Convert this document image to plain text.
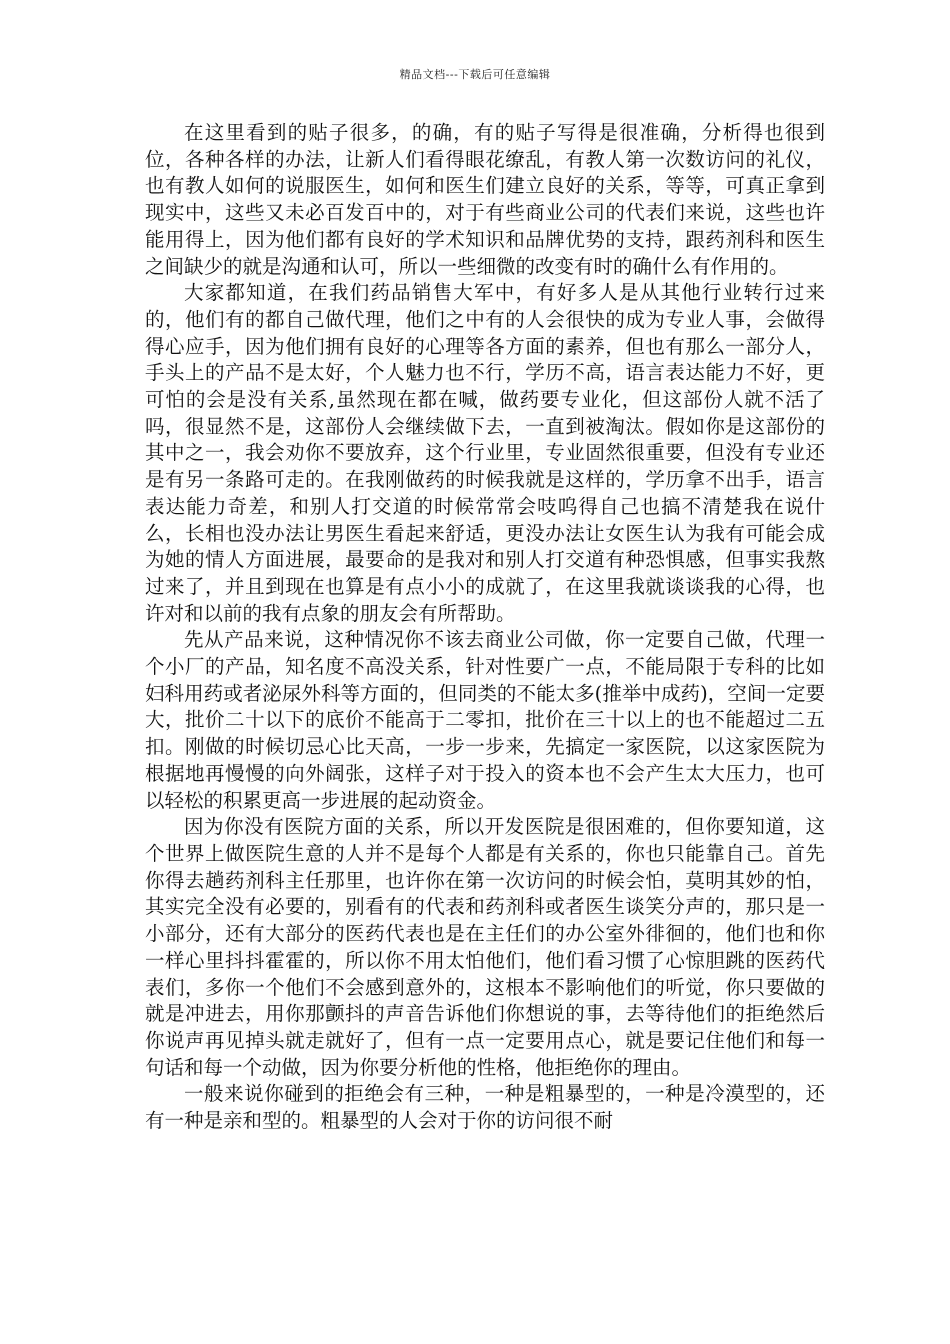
精品文档---下载后可任意编辑

在这里看到的贴子很多，的确，有的贴子写得是很准确，分析得也很到位，各种各样的办法，让新人们看得眼花缭乱，有教人第一次数访问的礼仪，也有教人如何的说服医生，如何和医生们建立良好的关系，等等，可真正拿到现实中，这些又未必百发百中的，对于有些商业公司的代表们来说，这些也许能用得上，因为他们都有良好的学术知识和品牌优势的支持，跟药剂科和医生之间缺少的就是沟通和认可，所以一些细微的改变有时的确什么有作用的。

大家都知道，在我们药品销售大军中，有好多人是从其他行业转行过来的，他们有的都自己做代理，他们之中有的人会很快的成为专业人事，会做得得心应手，因为他们拥有良好的心理等各方面的素养，但也有那么一部分人，手头上的产品不是太好，个人魅力也不行，学历不高，语言表达能力不好，更可怕的会是没有关系,虽然现在都在喊，做药要专业化，但这部份人就不活了吗，很显然不是，这部份人会继续做下去，一直到被淘汰。假如你是这部份的其中之一，我会劝你不要放弃，这个行业里，专业固然很重要，但没有专业还是有另一条路可走的。在我刚做药的时候我就是这样的，学历拿不出手，语言表达能力奇差，和别人打交道的时候常常会吱呜得自己也搞不清楚我在说什么，长相也没办法让男医生看起来舒适，更没办法让女医生认为我有可能会成为她的情人方面进展，最要命的是我对和别人打交道有种恐惧感，但事实我熬过来了，并且到现在也算是有点小小的成就了，在这里我就谈谈我的心得，也许对和以前的我有点象的朋友会有所帮助。

先从产品来说，这种情况你不该去商业公司做，你一定要自己做，代理一个小厂的产品，知名度不高没关系，针对性要广一点，不能局限于专科的比如妇科用药或者泌尿外科等方面的，但同类的不能太多(推举中成药)，空间一定要大，批价二十以下的底价不能高于二零扣，批价在三十以上的也不能超过二五扣。刚做的时候切忌心比天高，一步一步来，先搞定一家医院，以这家医院为根据地再慢慢的向外阔张，这样子对于投入的资本也不会产生太大压力，也可以轻松的积累更高一步进展的起动资金。

因为你没有医院方面的关系，所以开发医院是很困难的，但你要知道，这个世界上做医院生意的人并不是每个人都是有关系的，你也只能靠自己。首先你得去趟药剂科主任那里，也许你在第一次访问的时候会怕，莫明其妙的怕，其实完全没有必要的，别看有的代表和药剂科或者医生谈笑分声的，那只是一小部分，还有大部分的医药代表也是在主任们的办公室外徘徊的，他们也和你一样心里抖抖霍霍的，所以你不用太怕他们，他们看习惯了心惊胆跳的医药代表们，多你一个他们不会感到意外的，这根本不影响他们的听觉，你只要做的就是冲进去，用你那颤抖的声音告诉他们你想说的事，去等待他们的拒绝然后你说声再见掉头就走就好了，但有一点一定要用点心，就是要记住他们和每一句话和每一个动做，因为你要分析他的性格，他拒绝你的理由。

一般来说你碰到的拒绝会有三种，一种是粗暴型的，一种是冷漠型的，还有一种是亲和型的。粗暴型的人会对于你的访问很不耐
